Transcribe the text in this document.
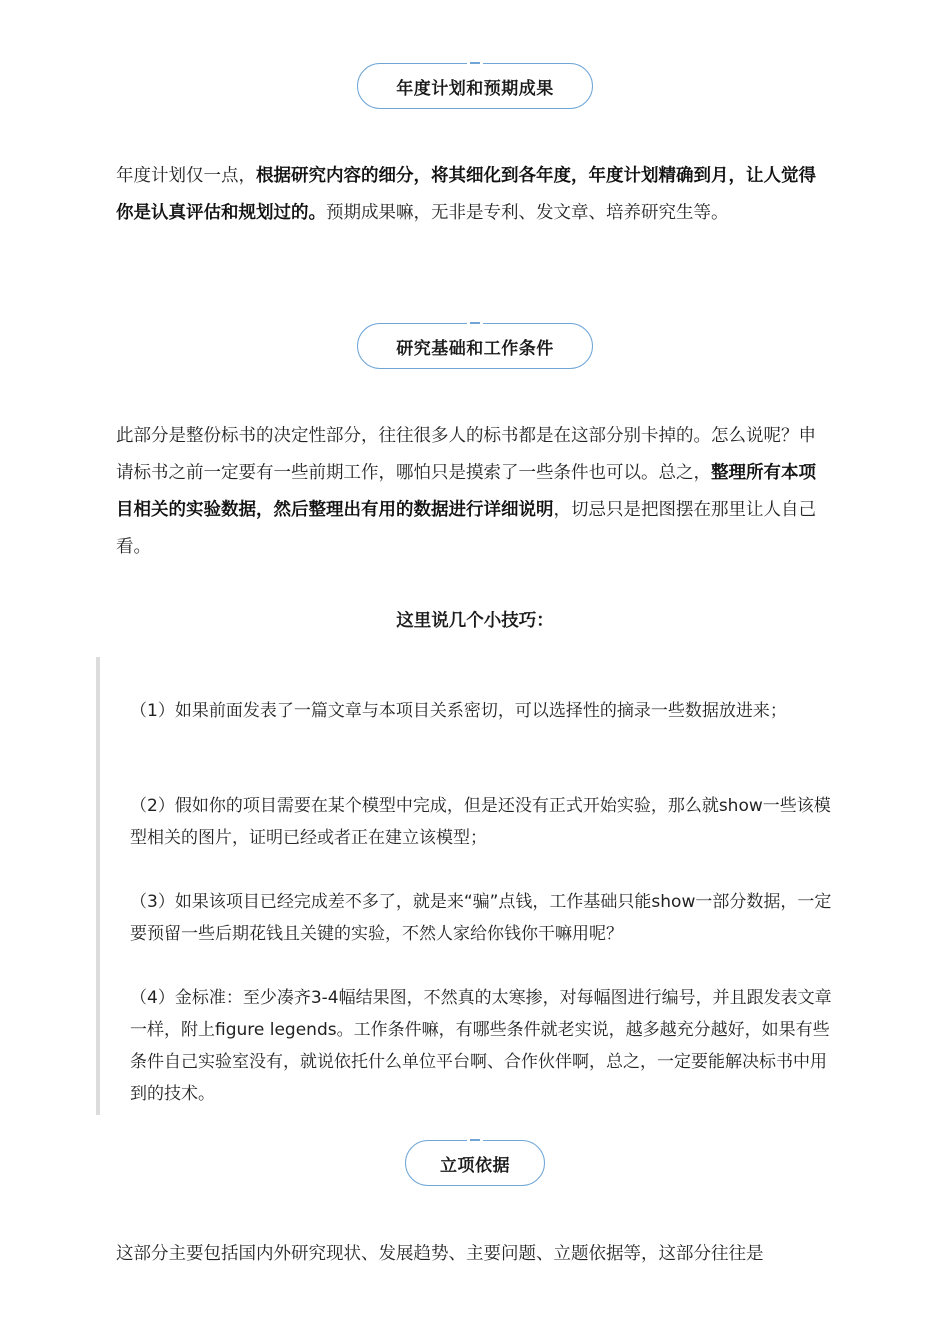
年度计划和预期成果
年度计划仅一点，根据研究内容的细分，将其细化到各年度，年度计划精确到月，让人觉得你是认真评估和规划过的。预期成果嘛，无非是专利、发文章、培养研究生等。
研究基础和工作条件
此部分是整份标书的决定性部分，往往很多人的标书都是在这部分别卡掉的。怎么说呢？申请标书之前一定要有一些前期工作，哪怕只是摸索了一些条件也可以。总之，整理所有本项目相关的实验数据，然后整理出有用的数据进行详细说明，切忌只是把图摆在那里让人自己看。
这里说几个小技巧：
（1）如果前面发表了一篇文章与本项目关系密切，可以选择性的摘录一些数据放进来；
（2）假如你的项目需要在某个模型中完成，但是还没有正式开始实验，那么就show一些该模型相关的图片，证明已经或者正在建立该模型；
（3）如果该项目已经完成差不多了，就是来“骗”点钱，工作基础只能show一部分数据，一定要预留一些后期花钱且关键的实验，不然人家给你钱你干嘛用呢？
（4）金标准：至少凑齐3-4幅结果图，不然真的太寒掺，对每幅图进行编号，并且跟发表文章一样，附上figure legends。工作条件嘛，有哪些条件就老实说，越多越充分越好，如果有些条件自己实验室没有，就说依托什么单位平台啊、合作伙伴啊，总之，一定要能解决标书中用到的技术。
立项依据
这部分主要包括国内外研究现状、发展趋势、主要问题、立题依据等，这部分往往是
